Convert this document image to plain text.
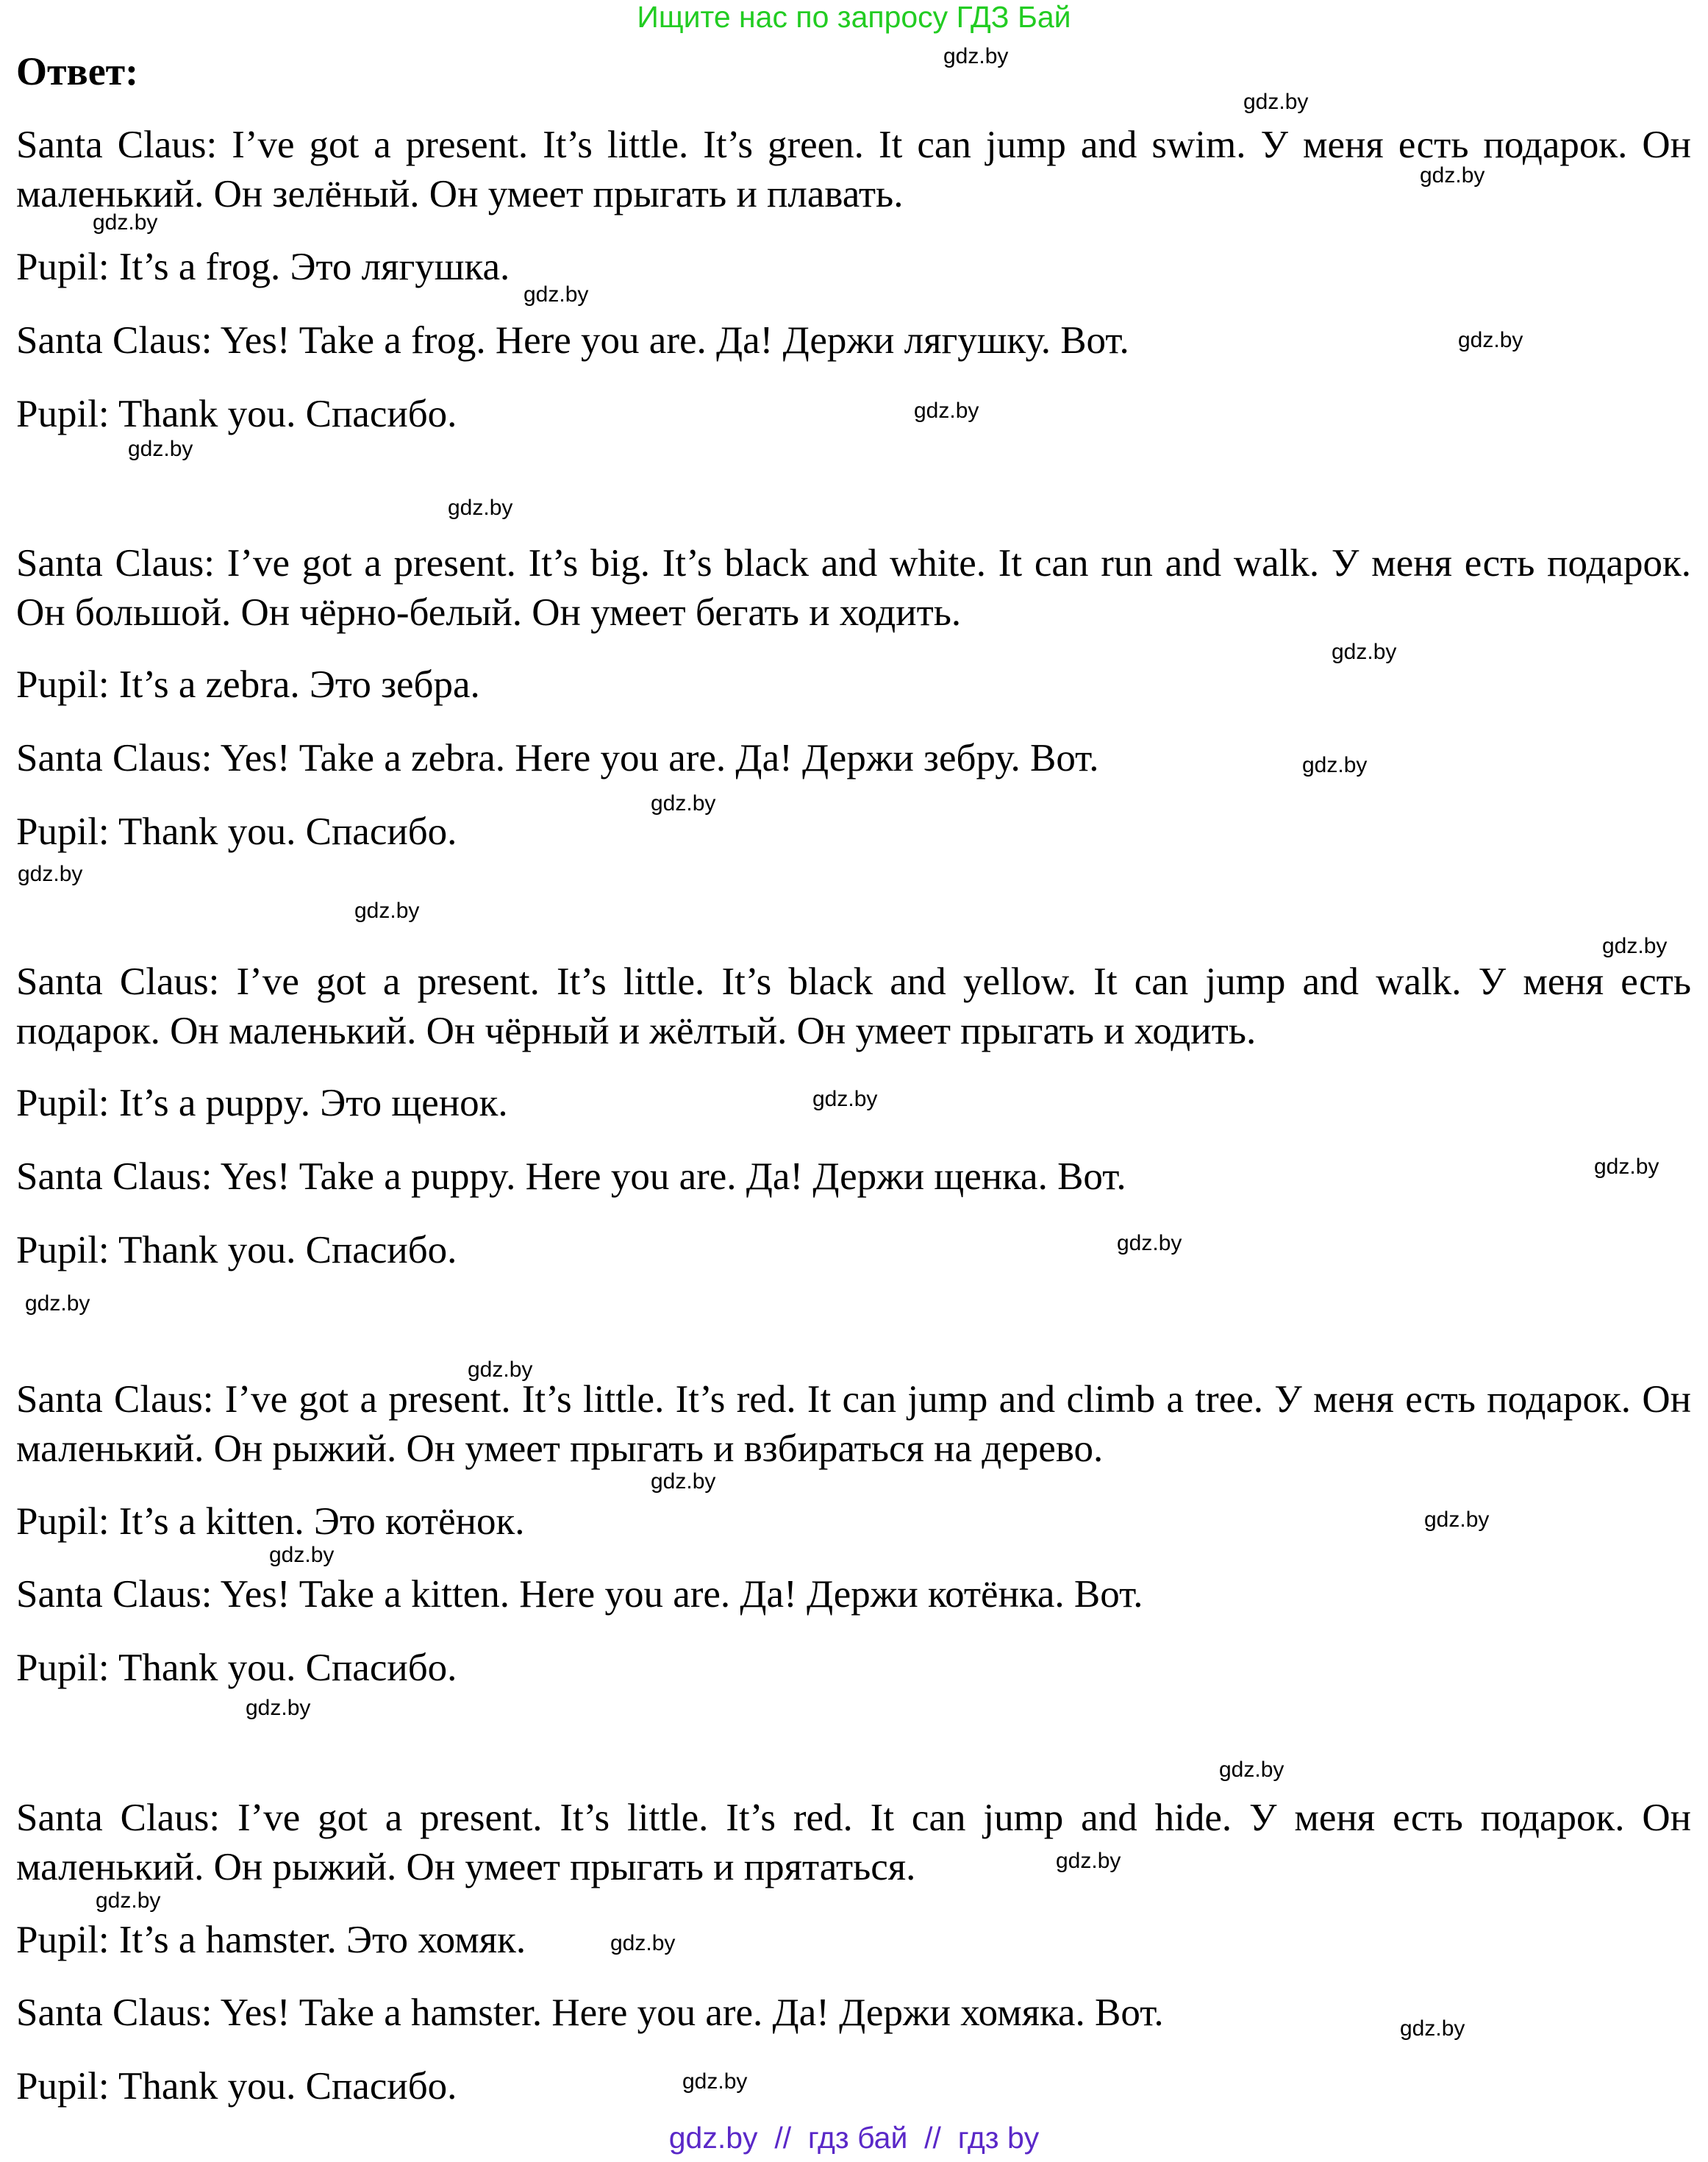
Ищите нас по запросу ГДЗ Бай
Ответ:
Santa Claus: I’ve got a present. It’s little. It’s green. It can jump and swim. У меня есть подарок. Он маленький. Он зелёный. Он умеет прыгать и плавать.
Pupil: It’s a frog. Это лягушка.
Santa Claus: Yes! Take a frog. Here you are. Да! Держи лягушку. Вот.
Pupil: Thank you. Спасибо.
Santa Claus: I’ve got a present. It’s big. It’s black and white. It can run and walk. У меня есть подарок. Он большой. Он чёрно-белый. Он умеет бегать и ходить.
Pupil: It’s a zebra. Это зебра.
Santa Claus: Yes! Take a zebra. Here you are. Да! Держи зебру. Вот.
Pupil: Thank you. Спасибо.
Santa Claus: I’ve got a present. It’s little. It’s black and yellow. It can jump and walk. У меня есть подарок. Он маленький. Он чёрный и жёлтый. Он умеет прыгать и ходить.
Pupil: It’s a puppy. Это щенок.
Santa Claus: Yes! Take a puppy. Here you are. Да! Держи щенка. Вот.
Pupil: Thank you. Спасибо.
Santa Claus: I’ve got a present. It’s little. It’s red. It can jump and climb a tree. У меня есть подарок. Он маленький. Он рыжий. Он умеет прыгать и взбираться на дерево.
Pupil: It’s a kitten. Это котёнок.
Santa Claus: Yes! Take a kitten. Here you are. Да! Держи котёнка. Вот.
Pupil: Thank you. Спасибо.
Santa Claus: I’ve got a present. It’s little. It’s red. It can jump and hide. У меня есть подарок. Он маленький. Он рыжий. Он умеет прыгать и прятаться.
Pupil: It’s a hamster. Это хомяк.
Santa Claus: Yes! Take a hamster. Here you are. Да! Держи хомяка. Вот.
Pupil: Thank you. Спасибо.
gdz.by
gdz.by
gdz.by
gdz.by
gdz.by
gdz.by
gdz.by
gdz.by
gdz.by
gdz.by
gdz.by
gdz.by
gdz.by
gdz.by
gdz.by
gdz.by
gdz.by
gdz.by
gdz.by
gdz.by
gdz.by
gdz.by
gdz.by
gdz.by
gdz.by
gdz.by
gdz.by
gdz.by
gdz.by
gdz.by
gdz.by  //  гдз бай  //  гдз by
